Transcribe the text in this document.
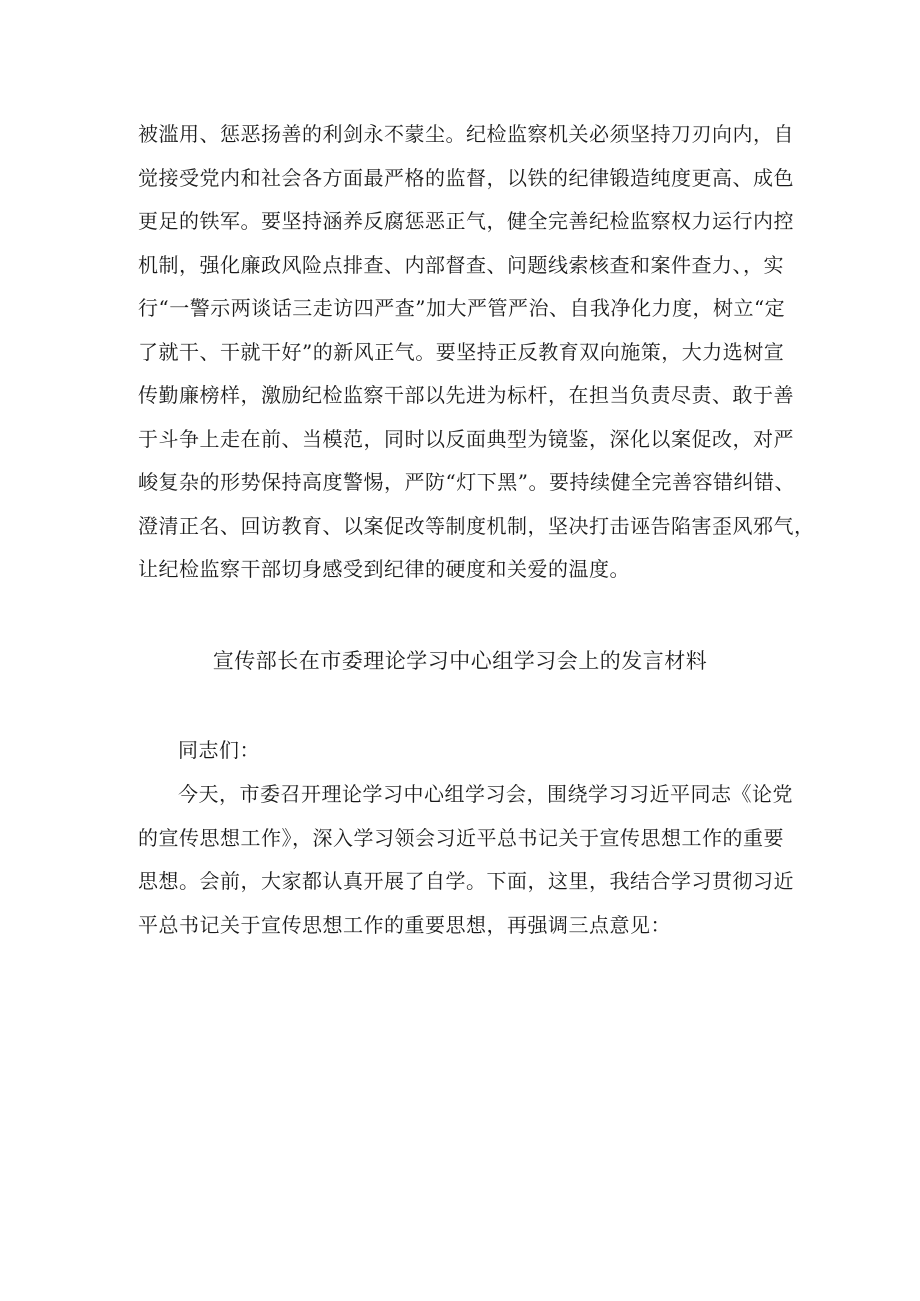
被滥用、惩恶扬善的利剑永不蒙尘。纪检监察机关必须坚持刀刃向内，自
觉接受党内和社会各方面最严格的监督，以铁的纪律锻造纯度更高、成色
更足的铁军。要坚持涵养反腐惩恶正气，健全完善纪检监察权力运行内控
机制，强化廉政风险点排查、内部督查、问题线索核查和案件查力、，实
行“一警示两谈话三走访四严查”加大严管严治、自我净化力度，树立“定
了就干、干就干好”的新风正气。要坚持正反教育双向施策，大力选树宣
传勤廉榜样，激励纪检监察干部以先进为标杆，在担当负责尽责、敢于善
于斗争上走在前、当模范，同时以反面典型为镜鉴，深化以案促改，对严
峻复杂的形势保持高度警惕，严防“灯下黑”。要持续健全完善容错纠错、
澄清正名、回访教育、以案促改等制度机制，坚决打击诬告陷害歪风邪气，
让纪检监察干部切身感受到纪律的硬度和关爱的温度。
宣传部长在市委理论学习中心组学习会上的发言材料
同志们：
今天，市委召开理论学习中心组学习会，围绕学习习近平同志《论党
的宣传思想工作》，深入学习领会习近平总书记关于宣传思想工作的重要
思想。会前，大家都认真开展了自学。下面，这里，我结合学习贯彻习近
平总书记关于宣传思想工作的重要思想，再强调三点意见：
